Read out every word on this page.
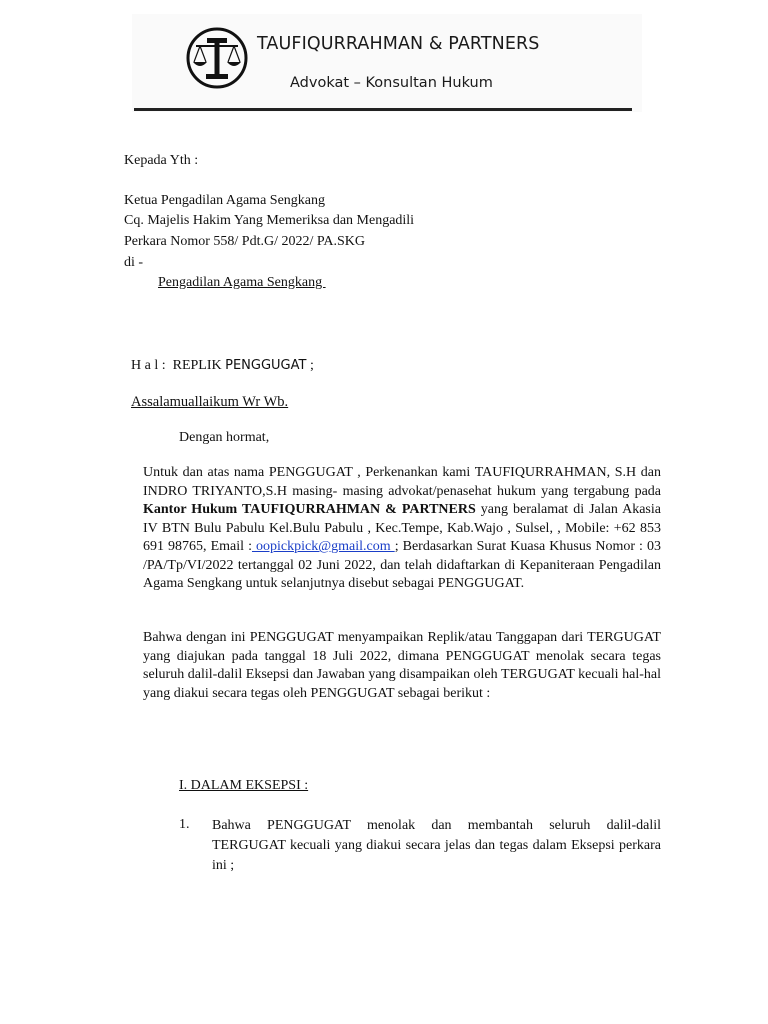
TAUFIQURRAHMAN & PARTNERS
Advokat – Konsultan Hukum
Kepada Yth :
Ketua Pengadilan Agama Sengkang
Cq. Majelis Hakim Yang Memeriksa dan Mengadili
Perkara Nomor 558/ Pdt.G/ 2022/ PA.SKG
di -
Pengadilan Agama Sengkang
H a l :  REPLIK PENGGUGAT ;
Assalamuallaikum Wr Wb.
Dengan hormat,
Untuk dan atas nama PENGGUGAT , Perkenankan kami TAUFIQURRAHMAN, S.H dan INDRO TRIYANTO,S.H masing- masing advokat/penasehat hukum yang tergabung pada Kantor Hukum TAUFIQURRAHMAN & PARTNERS yang beralamat di Jalan Akasia IV BTN Bulu Pabulu Kel.Bulu Pabulu , Kec.Tempe, Kab.Wajo , Sulsel, , Mobile: +62 853 691 98765, Email : oopickpick@gmail.com ; Berdasarkan Surat Kuasa Khusus Nomor : 03 /PA/Tp/VI/2022 tertanggal 02 Juni 2022, dan telah didaftarkan di Kepaniteraan Pengadilan Agama Sengkang untuk selanjutnya disebut sebagai PENGGUGAT.
Bahwa dengan ini PENGGUGAT menyampaikan Replik/atau Tanggapan dari TERGUGAT yang diajukan pada tanggal 18 Juli 2022, dimana PENGGUGAT menolak secara tegas seluruh dalil-dalil Eksepsi dan Jawaban yang disampaikan oleh TERGUGAT kecuali hal-hal yang diakui secara tegas oleh PENGGUGAT sebagai berikut :
I. DALAM EKSEPSI :
1. Bahwa PENGGUGAT menolak dan membantah seluruh dalil-dalil TERGUGAT kecuali yang diakui secara jelas dan tegas dalam Eksepsi perkara ini ;
